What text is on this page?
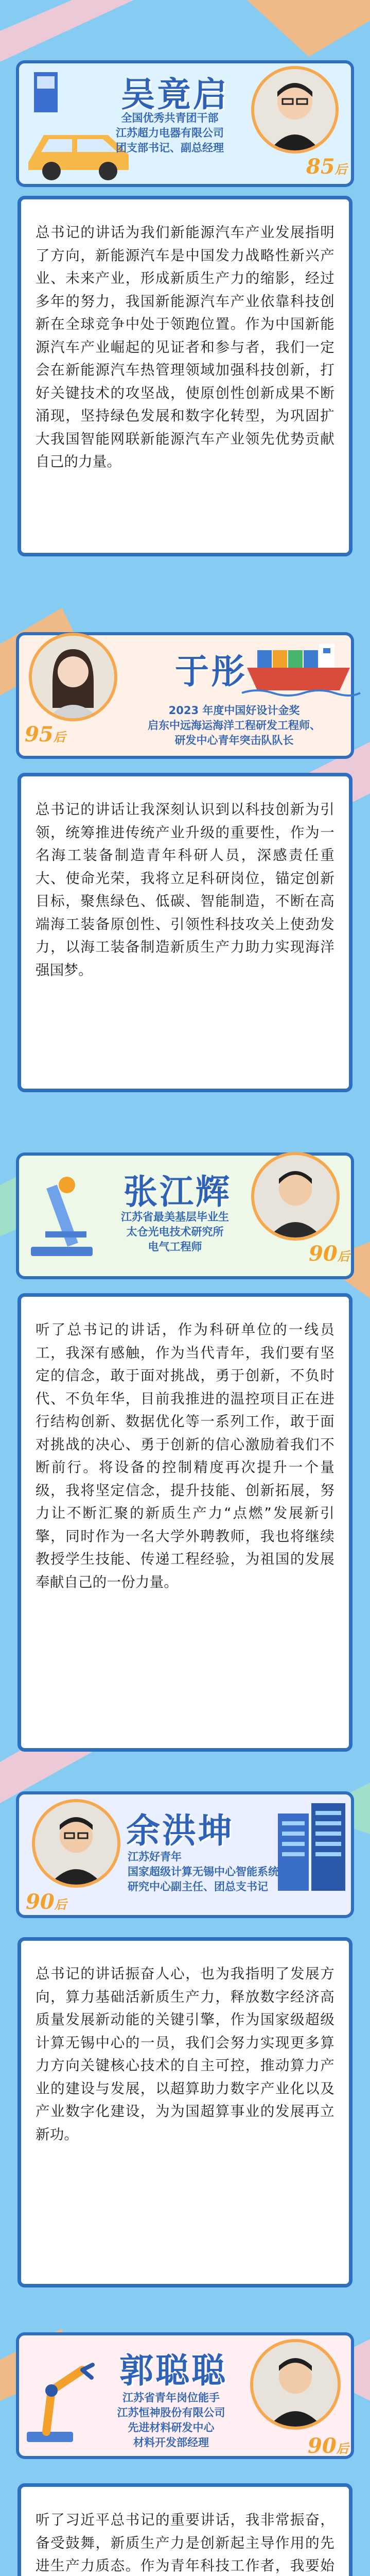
吴竟启
全国优秀共青团干部
江苏超力电器有限公司
团支部书记、副总经理
85后

总书记的讲话为我们新能源汽车产业发展指明了方向，新能源汽车是中国发力战略性新兴产业、未来产业，形成新质生产力的缩影，经过多年的努力，我国新能源汽车产业依靠科技创新在全球竞争中处于领跑位置。作为中国新能源汽车产业崛起的见证者和参与者，我们一定会在新能源汽车热管理领域加强科技创新，打好关键技术的攻坚战，使原创性创新成果不断涌现，坚持绿色发展和数字化转型，为巩固扩大我国智能网联新能源汽车产业领先优势贡献自己的力量。

95后
于彤
2023 年度中国好设计金奖
启东中远海运海洋工程研发工程师、
研发中心青年突击队队长

总书记的讲话让我深刻认识到以科技创新为引领，统筹推进传统产业升级的重要性，作为一名海工装备制造青年科研人员，深感责任重大、使命光荣，我将立足科研岗位，锚定创新目标，聚焦绿色、低碳、智能制造，不断在高端海工装备原创性、引领性科技攻关上使劲发力，以海工装备制造新质生产力助力实现海洋强国梦。

张江辉
江苏省最美基层毕业生
太仓光电技术研究所
电气工程师	90后

听了总书记的讲话，作为科研单位的一线员工，我深有感触，作为当代青年，我们要有坚定的信念，敢于面对挑战，勇于创新，不负时代、不负年华，目前我推进的温控项目正在进行结构创新、数据优化等一系列工作，敢于面对挑战的决心、勇于创新的信心激励着我们不断前行。将设备的控制精度再次提升一个量级，我将坚定信念，提升技能、创新拓展，努力让不断汇聚的新质生产力“点燃”发展新引擎，同时作为一名大学外聘教师，我也将继续教授学生技能、传递工程经验，为祖国的发展奉献自己的一份力量。

90后
余洪坤
江苏好青年
国家超级计算无锡中心智能系统
研究中心副主任、团总支书记

总书记的讲话振奋人心，也为我指明了发展方向，算力基础活新质生产力，释放数字经济高质量发展新动能的关键引擎，作为国家级超级计算无锡中心的一员，我们会努力实现更多算力方向关键核心技术的自主可控，推动算力产业的建设与发展，以超算助力数字产业化以及产业数字化建设，为为国超算事业的发展再立新功。

郭聪聪
江苏省青年岗位能手
江苏恒神股份有限公司
先进材料研发中心
材料开发部经理	90后

听了习近平总书记的重要讲话，我非常振奋，备受鼓舞，新质生产力是创新起主导作用的先进生产力质态。作为青年科技工作者，我要始
